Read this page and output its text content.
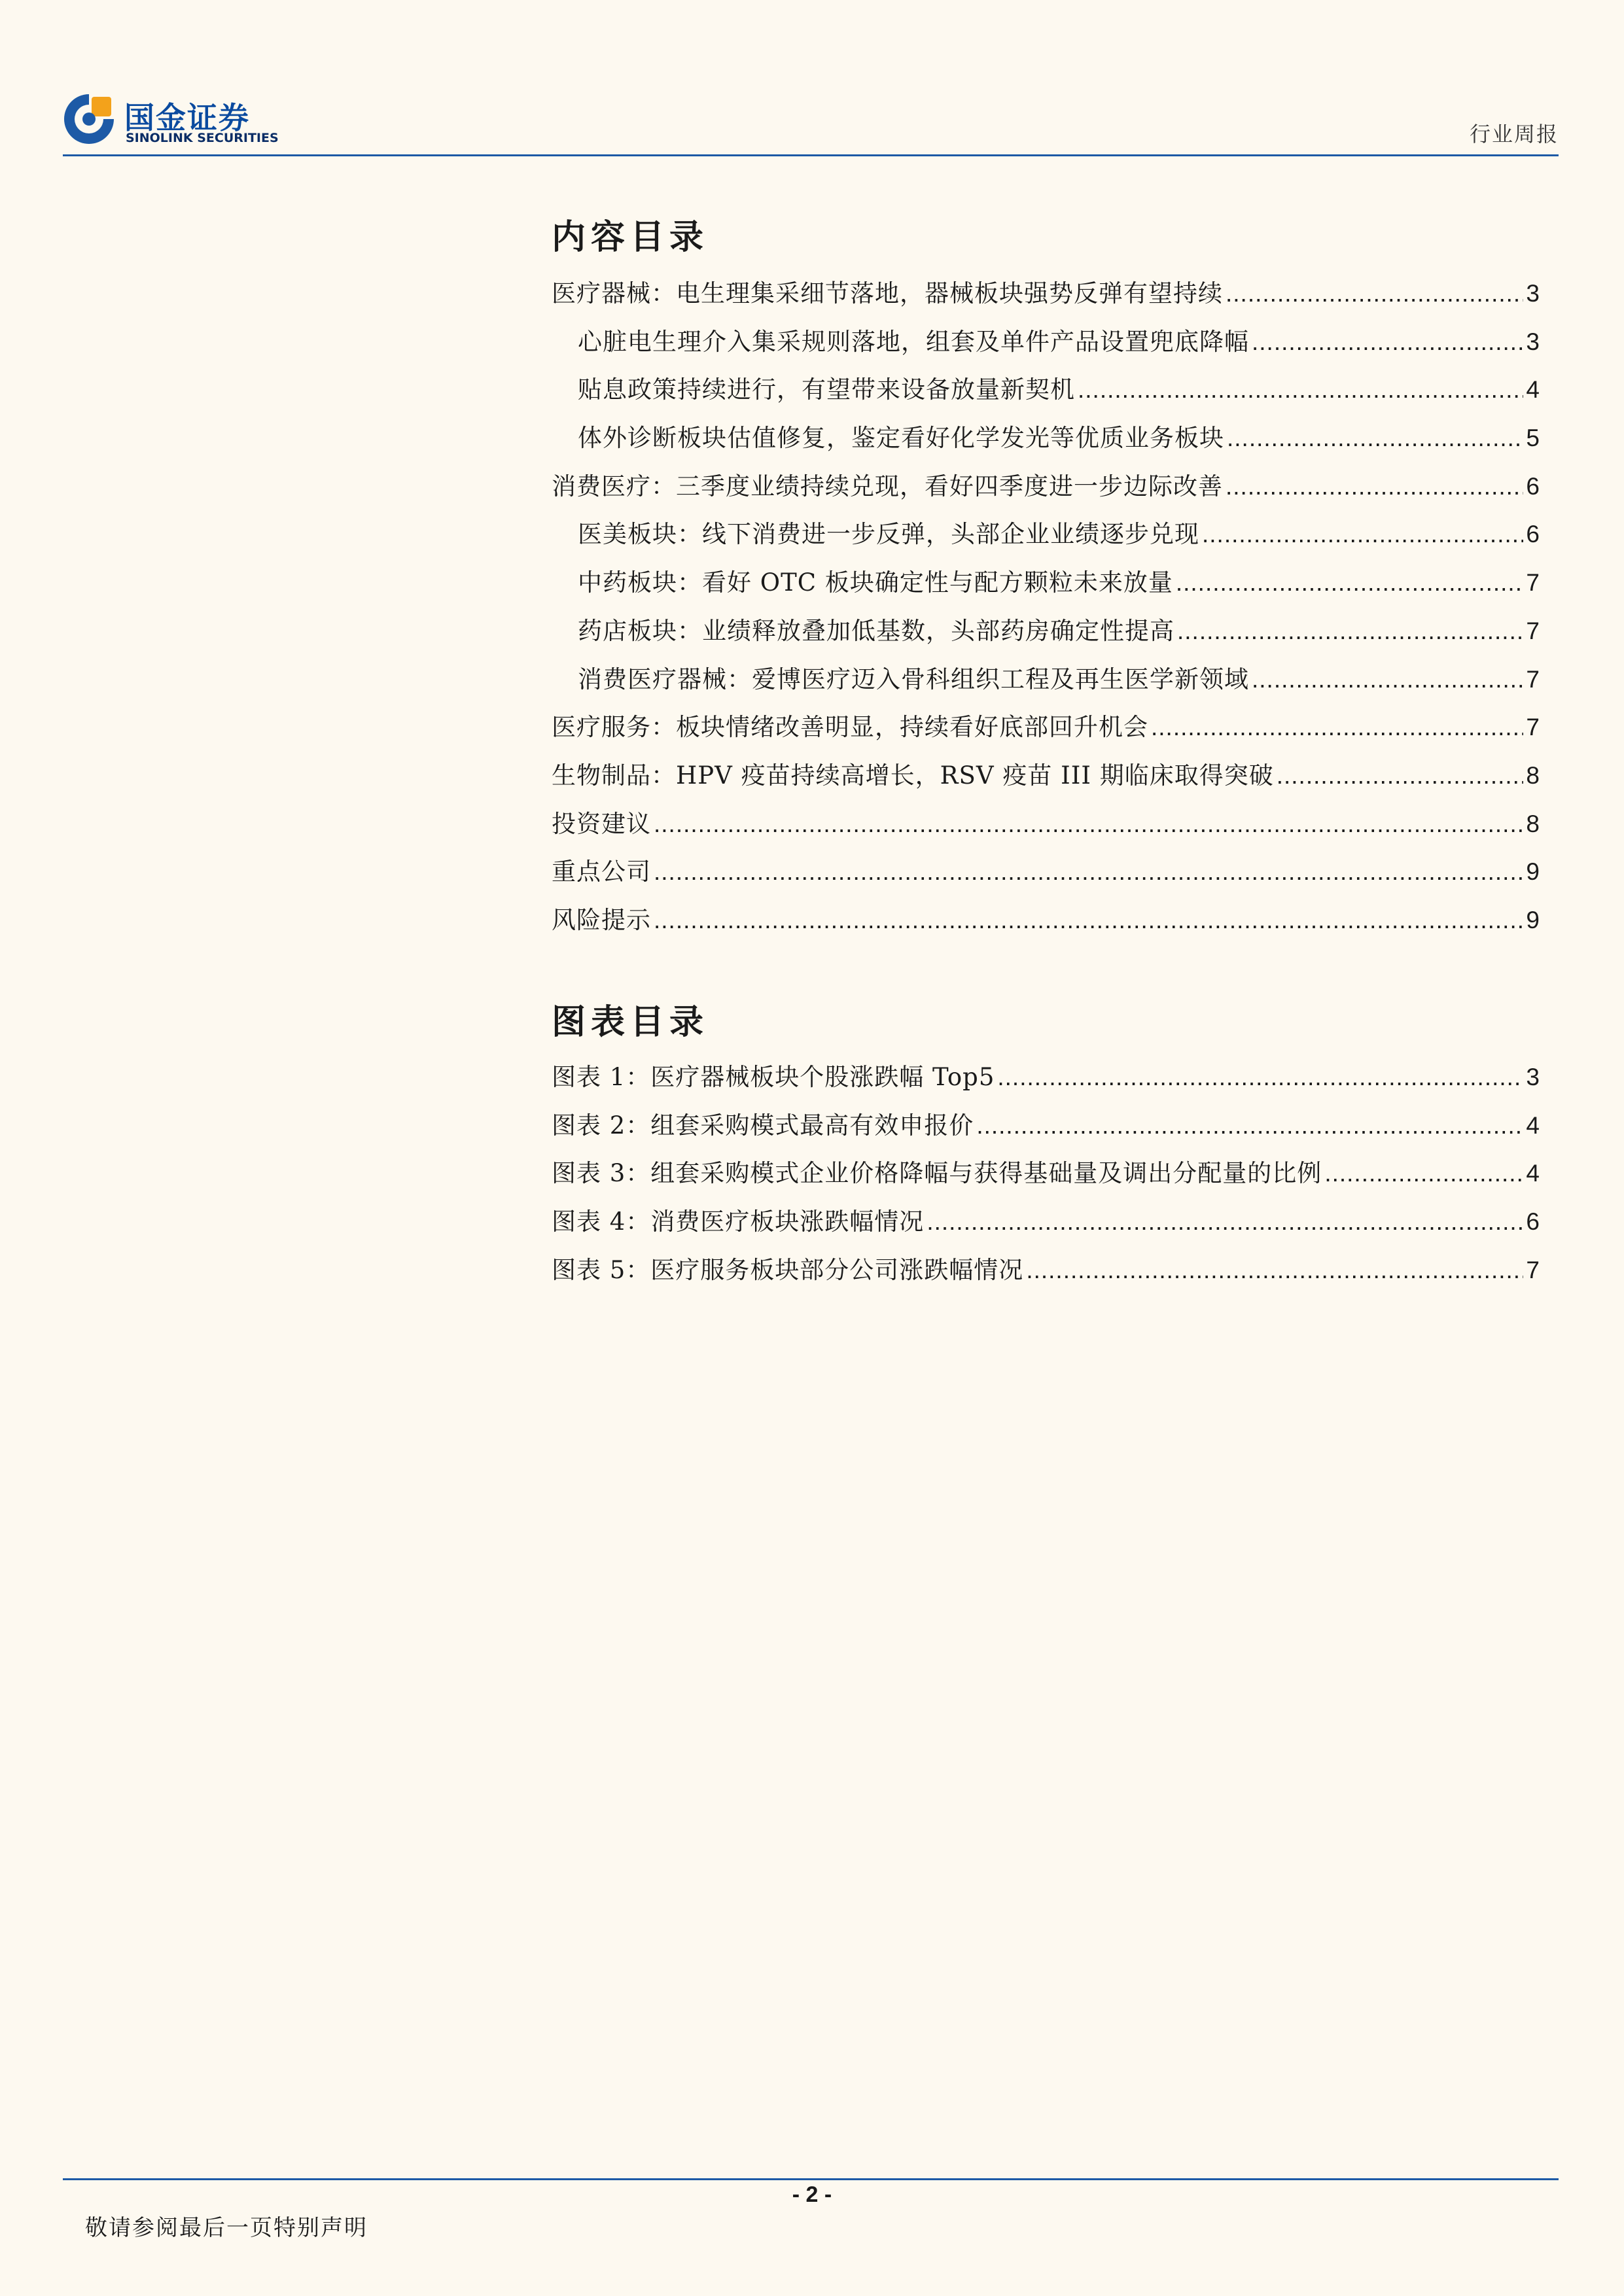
国金证券
SINOLINK SECURITIES	行业周报
内容目录
医疗器械：电生理集采细节落地，器械板块强势反弹有望持续 .....	3
心脏电生理介入集采规则落地，组套及单件产品设置兜底降幅 .....	3
贴息政策持续进行，有望带来设备放量新契机 .....	4
体外诊断板块估值修复，鉴定看好化学发光等优质业务板块 .....	5
消费医疗：三季度业绩持续兑现，看好四季度进一步边际改善 .....	6
医美板块：线下消费进一步反弹，头部企业业绩逐步兑现 .....	6
中药板块：看好 OTC 板块确定性与配方颗粒未来放量 .....	7
药店板块：业绩释放叠加低基数，头部药房确定性提高 .....	7
消费医疗器械：爱博医疗迈入骨科组织工程及再生医学新领域 .....	7
医疗服务：板块情绪改善明显，持续看好底部回升机会 .....	7
生物制品：HPV 疫苗持续高增长，RSV 疫苗 III 期临床取得突破 .....	8
投资建议 .....	8
重点公司 .....	9
风险提示 .....	9
图表目录
图表 1：医疗器械板块个股涨跌幅 Top5 .....	3
图表 2：组套采购模式最高有效申报价 .....	4
图表 3：组套采购模式企业价格降幅与获得基础量及调出分配量的比例 .....	4
图表 4：消费医疗板块涨跌幅情况 .....	6
图表 5：医疗服务板块部分公司涨跌幅情况 .....	7
- 2 -
敬请参阅最后一页特别声明
